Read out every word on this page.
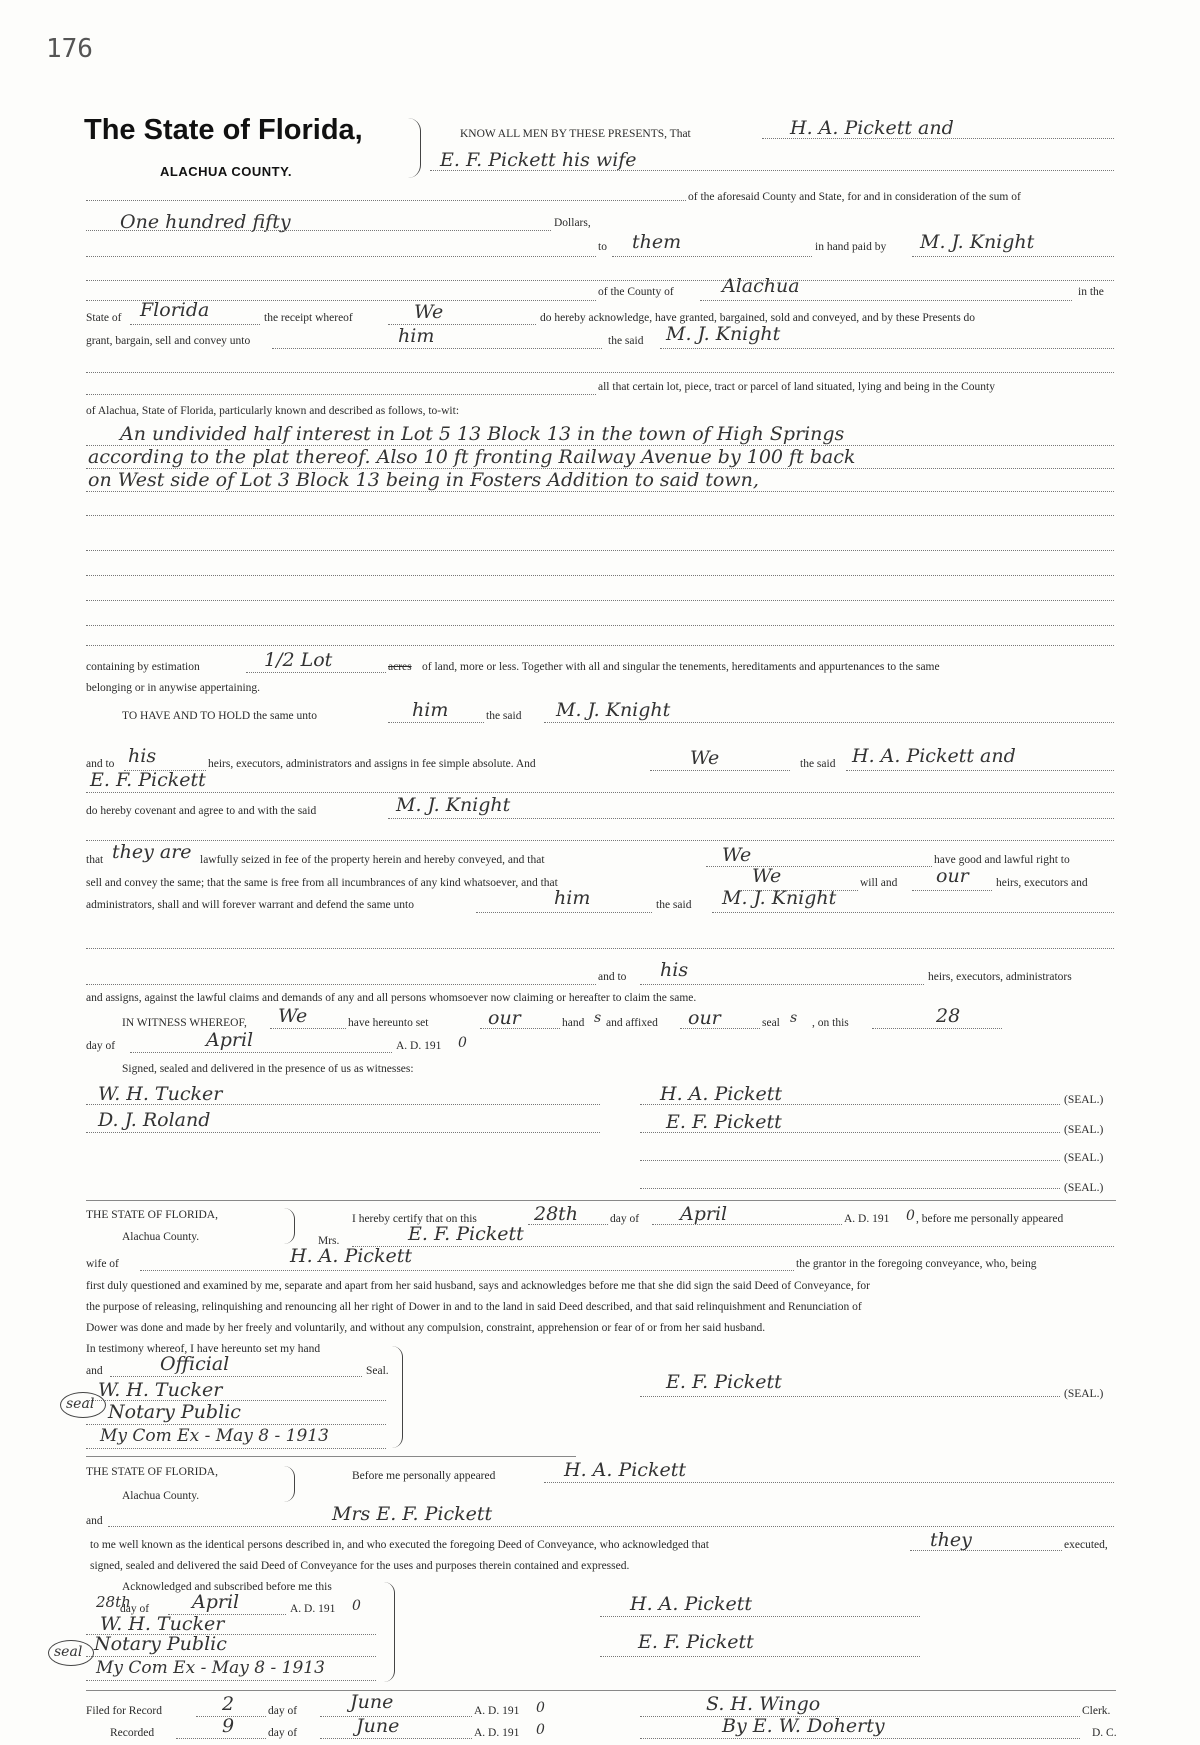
176
The State of Florida,
ALACHUA COUNTY.
KNOW ALL MEN BY THESE PRESENTS, That	H. A. Pickett and
E. F. Pickett his wife
of the aforesaid County and State, for and in consideration of the sum of
One hundred fifty	Dollars,
to them	in hand paid by M. J. Knight
of the County of	Alachua	in the
State of Florida	the receipt whereof	We	do hereby acknowledge, have granted, bargained, sold and conveyed, and by these Presents do
grant, bargain, sell and convey unto	him	the said M. J. Knight
all that certain lot, piece, tract or parcel of land situated, lying and being in the County
of Alachua, State of Florida, particularly known and described as follows, to-wit:
An undivided half interest in Lot 5 13 Block 13 in the town of High Springs
according to the plat thereof. Also 10 ft fronting Railway Avenue by 100 ft back
on West side of Lot 3 Block 13 being in Fosters Addition to said town,
containing by estimation	1/2 Lot	acres of land, more or less. Together with all and singular the tenements, hereditaments and appurtenances to the same
belonging or in anywise appertaining.
TO HAVE AND TO HOLD the same unto	him	the said M. J. Knight
and to his	heirs, executors, administrators and assigns in fee simple absolute. And	We	the said H. A. Pickett and
E. F. Pickett
do hereby covenant and agree to and with the said	M. J. Knight
that they are lawfully seized in fee of the property herein and hereby conveyed, and that	We	have good and lawful right to
sell and convey the same; that the same is free from all incumbrances of any kind whatsoever, and that	We	will and our heirs, executors and
administrators, shall and will forever warrant and defend the same unto	him	the said M. J. Knight
and to his	heirs, executors, administrators
and assigns, against the lawful claims and demands of any and all persons whomsoever now claiming or hereafter to claim the same.
IN WITNESS WHEREOF, We	have hereunto set	our	hand s and affixed our	seal s , on this	28
day of	April	A. D. 191 0
Signed, sealed and delivered in the presence of us as witnesses:
W. H. Tucker	H. A. Pickett	(SEAL.)
D. J. Roland	E. F. Pickett	(SEAL.)
(SEAL.)
(SEAL.)
THE STATE OF FLORIDA,
Alachua County.
I hereby certify that on this	28th	day of April	A. D. 191 0 , before me personally appeared
Mrs.	E. F. Pickett
wife of	H. A. Pickett	the grantor in the foregoing conveyance, who, being
first duly questioned and examined by me, separate and apart from her said husband, says and acknowledges before me that she did sign the said Deed of Conveyance, for
the purpose of releasing, relinquishing and renouncing all her right of Dower in and to the land in said Deed described, and that said relinquishment and Renunciation of
Dower was done and made by her freely and voluntarily, and without any compulsion, constraint, apprehension or fear of or from her said husband.
In testimony whereof, I have hereunto set my hand
and	Official	Seal.
W. H. Tucker
seal Notary Public
My Com Ex - May 8 - 1913
E. F. Pickett
(SEAL.)
THE STATE OF FLORIDA,
Alachua County.
Before me personally appeared	H. A. Pickett
and	Mrs E. F. Pickett
to me well known as the identical persons described in, and who executed the foregoing Deed of Conveyance, who acknowledged that	they	executed,
signed, sealed and delivered the said Deed of Conveyance for the uses and purposes therein contained and expressed.
Acknowledged and subscribed before me this
28th
day of April	A. D. 191 0
W. H. Tucker
seal Notary Public
My Com Ex - May 8 - 1913
H. A. Pickett
E. F. Pickett
Filed for Record	2	day of	June	A. D. 191 0	S. H. Wingo	Clerk.
Recorded	9	day of	June	A. D. 191 0	By E. W. Doherty	D. C.
